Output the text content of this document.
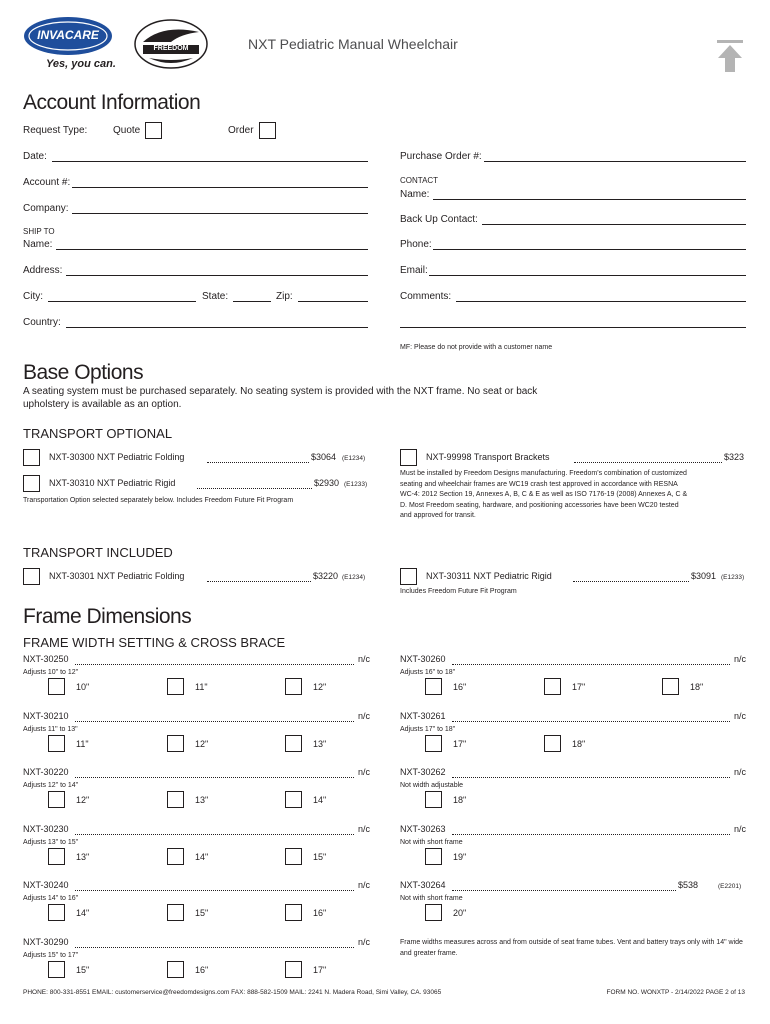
INVACARE
Yes, you can.
FREEDOM	NXT Pediatric Manual Wheelchair
Account Information
Request Type:	Quote	Order
Date:
Account #:
Company:
SHIP TO
Name:
Address:
City:	State:	Zip:
Country:
Purchase Order #:
CONTACT
Name:
Back Up Contact:
Phone:
Email:
Comments:
MF: Please do not provide with a customer name
Base Options
A seating system must be purchased separately. No seating system is provided with the NXT frame. No seat or back upholstery is available as an option.
TRANSPORT OPTIONAL
NXT-30300 NXT Pediatric Folding	$3064 (E1234)
NXT-30310 NXT Pediatric Rigid	$2930 (E1233)
Transportation Option selected separately below. Includes Freedom Future Fit Program
NXT-99998 Transport Brackets	$323
Must be installed by Freedom Designs manufacturing. Freedom's combination of customized seating and wheelchair frames are WC19 crash test approved in accordance with RESNA WC-4: 2012 Section 19, Annexes A, B, C & E as well as ISO 7176-19 (2008) Annexes A, C & D. Most Freedom seating, hardware, and positioning accessories have been WC20 tested and approved for transit.
TRANSPORT INCLUDED
NXT-30301 NXT Pediatric Folding	$3220 (E1234)	NXT-30311 NXT Pediatric Rigid	$3091 (E1233)
Includes Freedom Future Fit Program
Frame Dimensions
FRAME WIDTH SETTING & CROSS BRACE
NXT-30250	n/c
Adjusts 10" to 12"
10"	11"	12"
NXT-30210	n/c
Adjusts 11" to 13"
11"	12"	13"
NXT-30220	n/c
Adjusts 12" to 14"
12"	13"	14"
NXT-30230	n/c
Adjusts 13" to 15"
13"	14"	15"
NXT-30240	n/c
Adjusts 14" to 16"
14"	15"	16"
NXT-30290	n/c
Adjusts 15" to 17"
15"	16"	17"
NXT-30260	n/c
Adjusts 16" to 18"
16"	17"	18"
NXT-30261	n/c
Adjusts 17" to 18"
17"	18"
NXT-30262	n/c
Not width adjustable
18"
NXT-30263	n/c
Not with short frame
19"
NXT-30264	$538	(E2201)
Not with short frame
20"
Frame widths measures across and from outside of seat frame tubes. Vent and battery trays only with 14" wide and greater frame.
PHONE: 800-331-8551 EMAIL: customerservice@freedomdesigns.com FAX: 888-582-1509 MAIL: 2241 N. Madera Road, Simi Valley, CA. 93065	FORM NO. WONXTP - 2/14/2022 PAGE 2 of 13
